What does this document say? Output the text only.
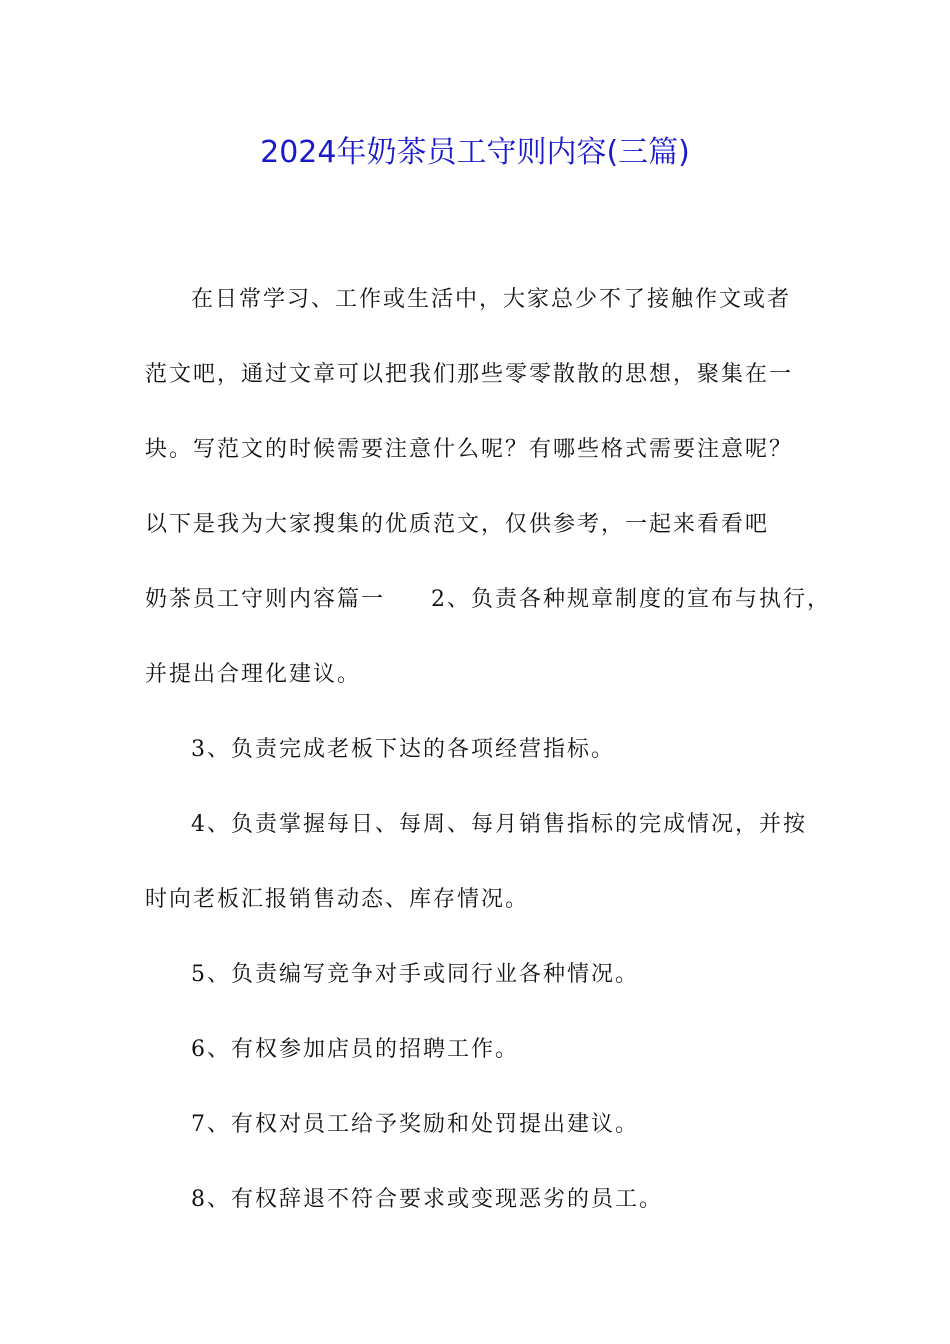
2024年奶茶员工守则内容(三篇)

在日常学习、工作或生活中，大家总少不了接触作文或者

范文吧，通过文章可以把我们那些零零散散的思想，聚集在一

块。写范文的时候需要注意什么呢？有哪些格式需要注意呢？

以下是我为大家搜集的优质范文，仅供参考，一起来看看吧

奶茶员工守则内容篇一 2、负责各种规章制度的宣布与执行，

并提出合理化建议。

3、负责完成老板下达的各项经营指标。

4、负责掌握每日、每周、每月销售指标的完成情况，并按

时向老板汇报销售动态、库存情况。

5、负责编写竞争对手或同行业各种情况。

6、有权参加店员的招聘工作。

7、有权对员工给予奖励和处罚提出建议。

8、有权辞退不符合要求或变现恶劣的员工。
